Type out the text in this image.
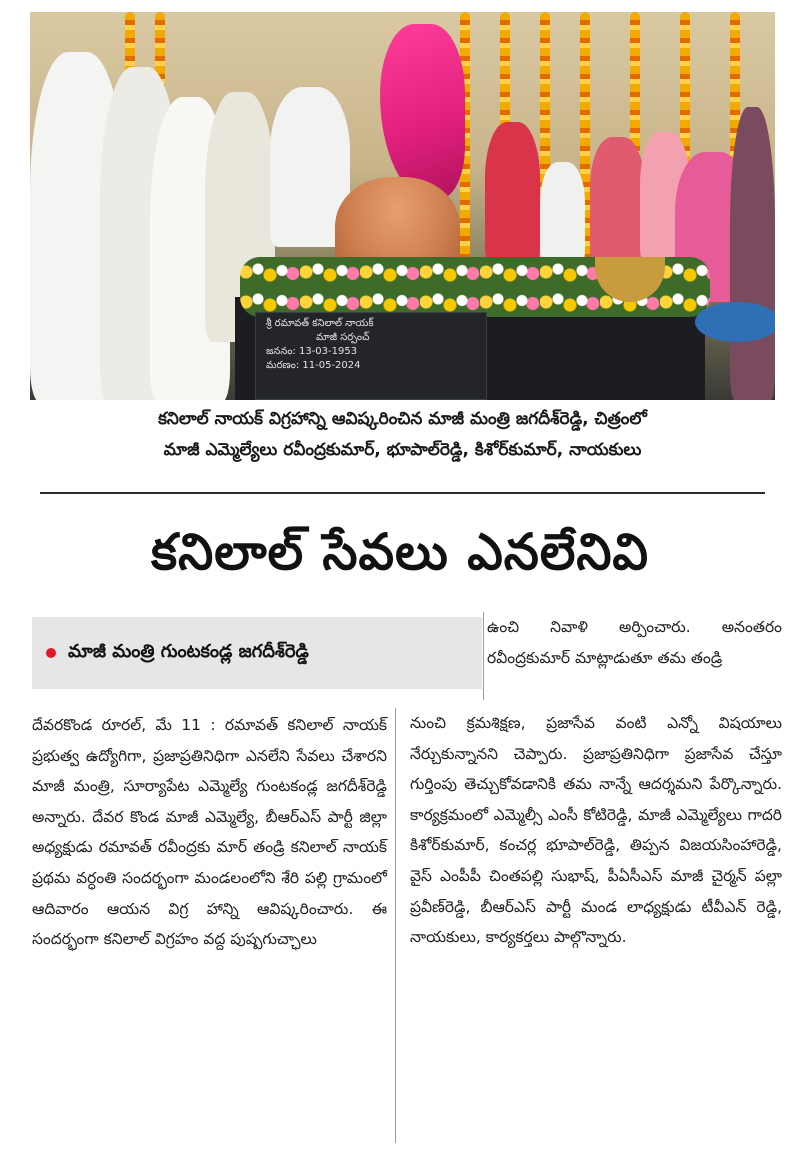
శ్రీ రమావత్ కనిలాల్ నాయక్
మాజీ సర్పంచ్
జననం: 13-03-1953
మరణం: 11-05-2024
కనిలాల్ నాయక్ విగ్రహాన్ని ఆవిష్కరించిన మాజీ మంత్రి జగదీశ్‌రెడ్డి, చిత్రంలో
మాజీ ఎమ్మెల్యేలు రవీంద్రకుమార్, భూపాల్‌రెడ్డి, కిశోర్‌కుమార్, నాయకులు
కనిలాల్ సేవలు ఎనలేనివి
మాజీ మంత్రి గుంటకండ్ల జగదీశ్‌రెడ్డి
దేవరకొండ రూరల్, మే 11 : రమావత్ కనిలాల్ నాయక్ ప్రభుత్వ ఉద్యోగిగా, ప్రజాప్రతినిధిగా ఎనలేని సేవలు చేశారని మాజీ మంత్రి, సూర్యాపేట ఎమ్మెల్యే గుంటకండ్ల జగదీశ్‌రెడ్డి అన్నారు. దేవర కొండ మాజీ ఎమ్మెల్యే, బీఆర్‌ఎస్ పార్టీ జిల్లా అధ్యక్షుడు రమావత్ రవీంద్రకు మార్ తండ్రి కనిలాల్ నాయక్ ప్రథమ వర్ధంతి సందర్భంగా మండలంలోని శేరి పల్లి గ్రామంలో ఆదివారం ఆయన విగ్ర హాన్ని ఆవిష్కరించారు. ఈ సందర్భంగా కనిలాల్ విగ్రహం వద్ద పుష్పగుచ్ఛాలు
ఉంచి నివాళి అర్పించారు. అనంతరం రవీంద్రకుమార్ మాట్లాడుతూ తమ తండ్రి
నుంచి క్రమశిక్షణ, ప్రజాసేవ వంటి ఎన్నో విషయాలు నేర్చుకున్నానని చెప్పారు. ప్రజాప్రతినిధిగా ప్రజాసేవ చేస్తూ గుర్తింపు తెచ్చుకోవడానికి తమ నాన్నే ఆదర్శమని పేర్కొన్నారు. కార్యక్రమంలో ఎమ్మెల్సీ ఎంసీ కోటిరెడ్డి, మాజీ ఎమ్మెల్యేలు గాదరి కిశోర్‌కుమార్, కంచర్ల భూపాల్‌రెడ్డి, తిప్పన విజయసింహారెడ్డి, వైస్ ఎంపీపీ చింతపల్లి సుభాష్, పీఏసీఎస్ మాజీ చైర్మన్ పల్లా ప్రవీణ్‌రెడ్డి, బీఆర్‌ఎస్ పార్టీ మండ లాధ్యక్షుడు టీవీఎన్ రెడ్డి, నాయకులు, కార్యకర్తలు పాల్గొన్నారు.
